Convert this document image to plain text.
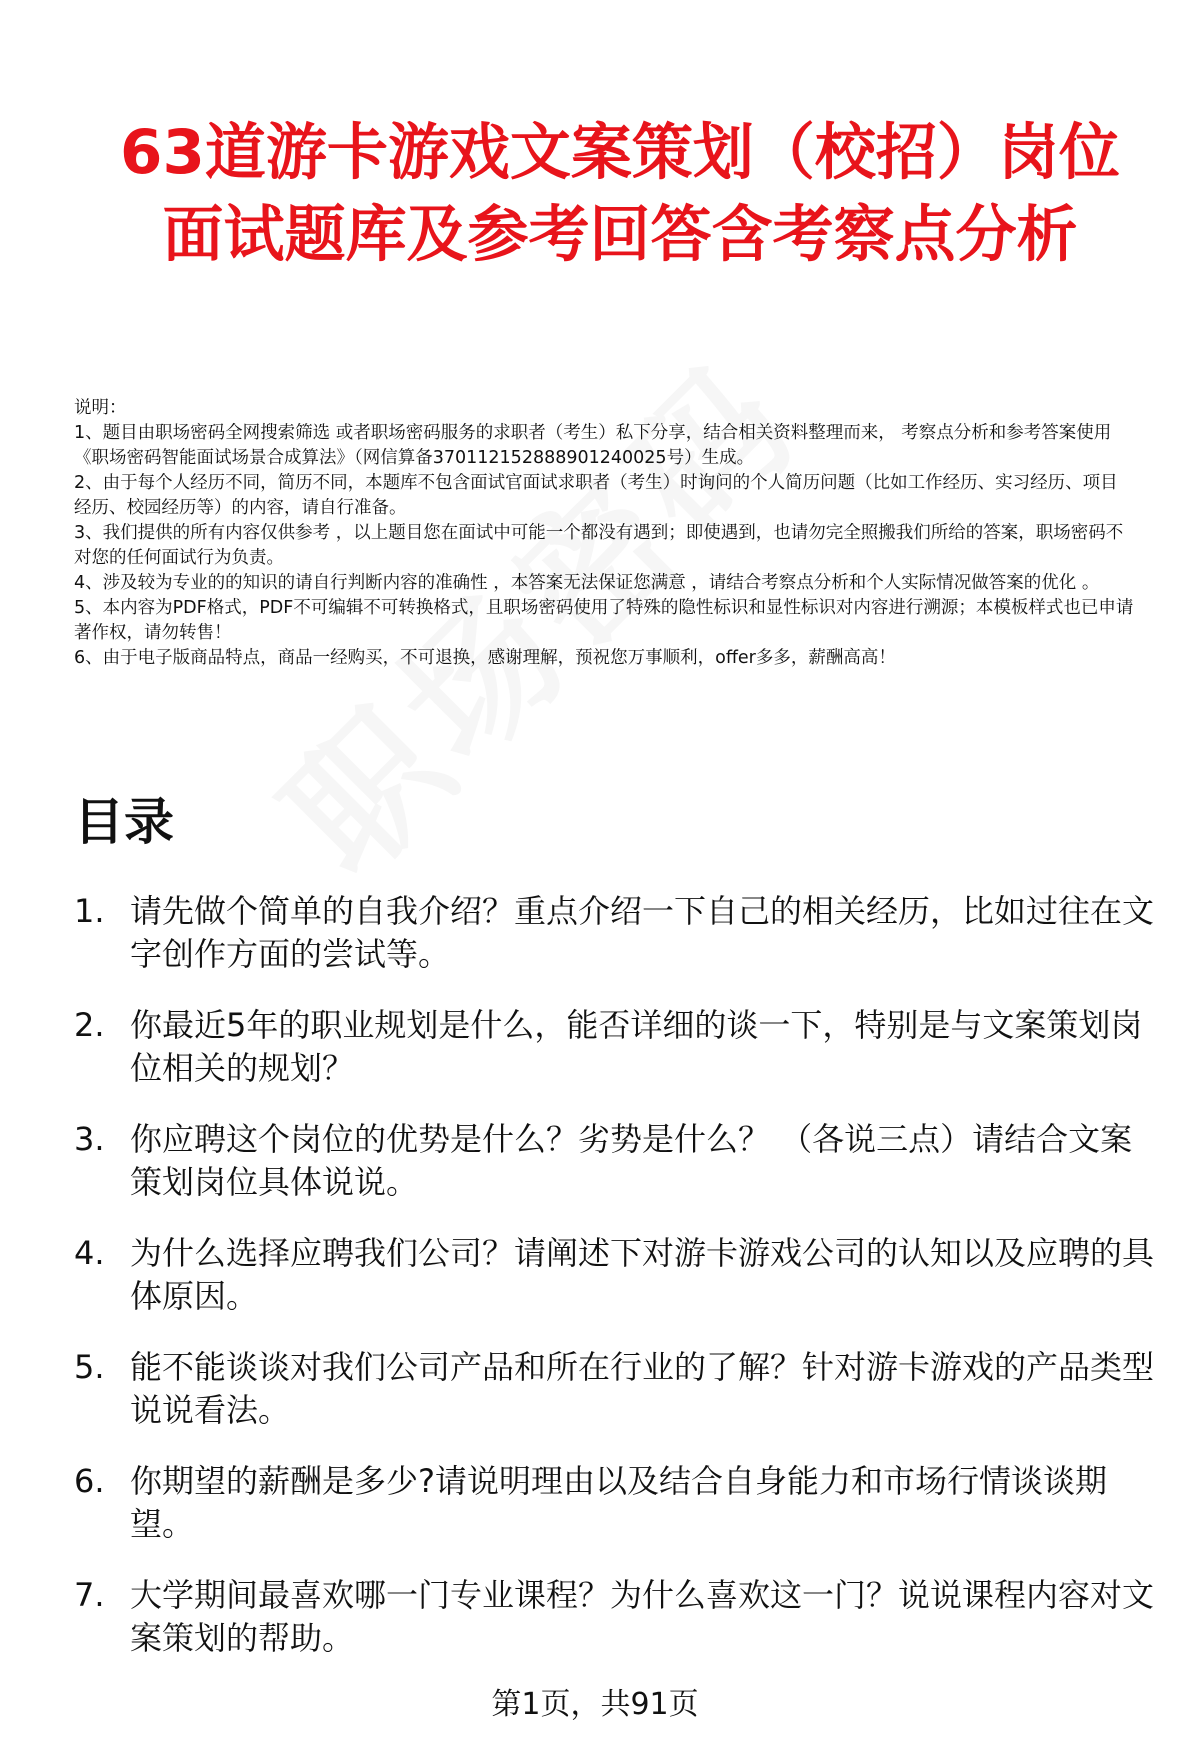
63道游卡游戏文案策划（校招）岗位面试题库及参考回答含考察点分析
说明：
1、题目由职场密码全网搜索筛选 或者职场密码服务的求职者（考生）私下分享，结合相关资料整理而来， 考察点分析和参考答案使用《职场密码智能面试场景合成算法》（网信算备370112152888901240025号）生成。
2、由于每个人经历不同，简历不同，本题库不包含面试官面试求职者（考生）时询问的个人简历问题（比如工作经历、实习经历、项目经历、校园经历等）的内容，请自行准备。
3、我们提供的所有内容仅供参考 ，以上题目您在面试中可能一个都没有遇到；即使遇到，也请勿完全照搬我们所给的答案，职场密码不对您的任何面试行为负责。
4、涉及较为专业的的知识的请自行判断内容的准确性 ，本答案无法保证您满意 ，请结合考察点分析和个人实际情况做答案的优化 。
5、本内容为PDF格式，PDF不可编辑不可转换格式，且职场密码使用了特殊的隐性标识和显性标识对内容进行溯源；本模板样式也已申请著作权，请勿转售！
6、由于电子版商品特点，商品一经购买，不可退换，感谢理解，预祝您万事顺利，offer多多，薪酬高高！
目录
1. 请先做个简单的自我介绍？重点介绍一下自己的相关经历，比如过往在文字创作方面的尝试等。
2. 你最近5年的职业规划是什么，能否详细的谈一下，特别是与文案策划岗位相关的规划？
3. 你应聘这个岗位的优势是什么？劣势是什么？ （各说三点）请结合文案策划岗位具体说说。
4. 为什么选择应聘我们公司？请阐述下对游卡游戏公司的认知以及应聘的具体原因。
5. 能不能谈谈对我们公司产品和所在行业的了解？针对游卡游戏的产品类型说说看法。
6. 你期望的薪酬是多少?请说明理由以及结合自身能力和市场行情谈谈期望。
7. 大学期间最喜欢哪一门专业课程？为什么喜欢这一门？说说课程内容对文案策划的帮助。
第1页，共91页
